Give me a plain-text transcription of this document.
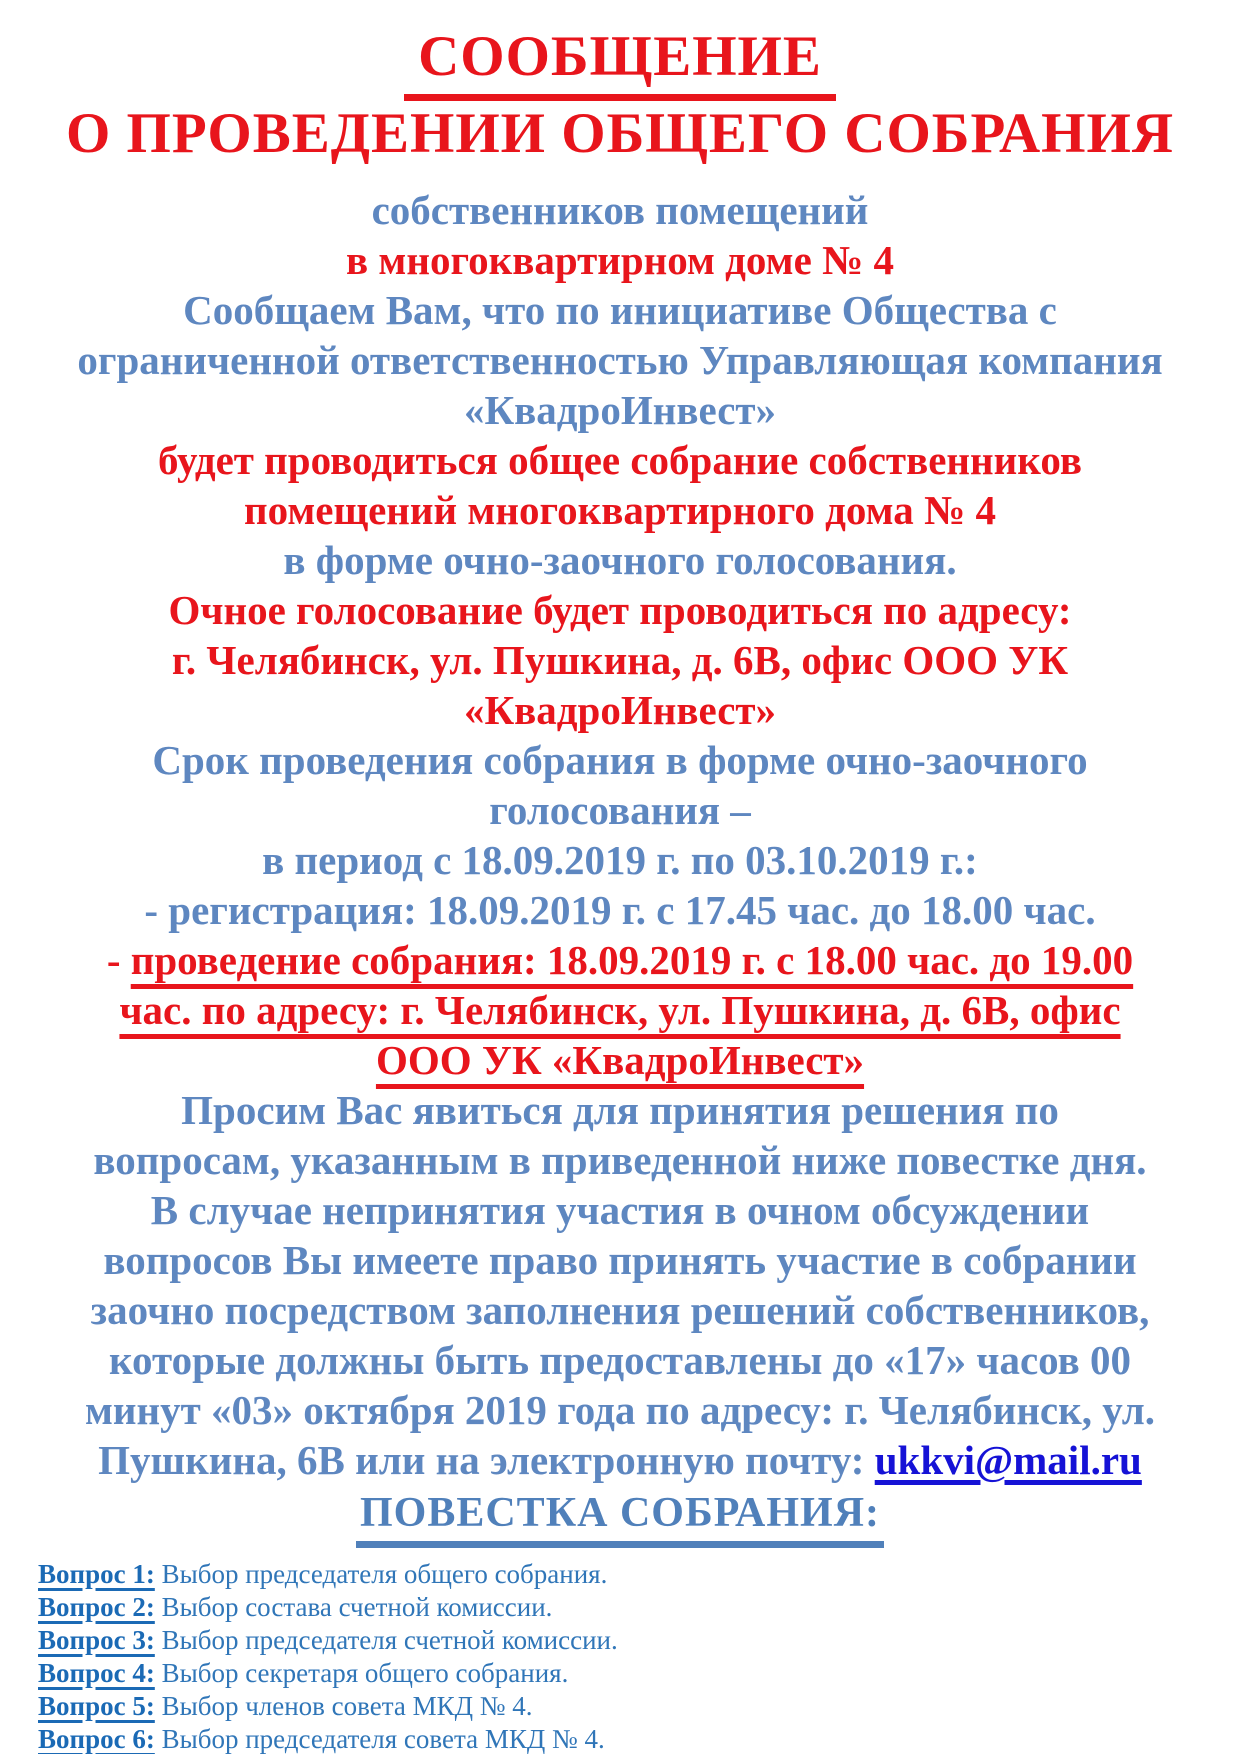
СООБЩЕНИЕ
О ПРОВЕДЕНИИ ОБЩЕГО СОБРАНИЯ
собственников помещений
в многоквартирном доме № 4
Сообщаем Вам, что по инициативе Общества с
ограниченной ответственностью Управляющая компания
«КвадроИнвест»
будет проводиться общее собрание собственников
помещений многоквартирного дома № 4
в форме очно-заочного голосования.
Очное голосование будет проводиться по адресу:
г. Челябинск, ул. Пушкина, д. 6В, офис ООО УК
«КвадроИнвест»
Срок проведения собрания в форме очно-заочного
голосования –
в период с 18.09.2019 г. по 03.10.2019 г.:
- регистрация: 18.09.2019 г. с 17.45 час. до 18.00 час.
- проведение собрания: 18.09.2019 г. с 18.00 час. до 19.00
час. по адресу: г. Челябинск, ул. Пушкина, д. 6В, офис
ООО УК «КвадроИнвест»
Просим Вас явиться для принятия решения по
вопросам, указанным в приведенной ниже повестке дня.
В случае непринятия участия в очном обсуждении
вопросов Вы имеете право принять участие в собрании
заочно посредством заполнения решений собственников,
которые должны быть предоставлены до «17» часов 00
минут «03» октября 2019 года по адресу: г. Челябинск, ул.
Пушкина, 6В или на электронную почту: ukkvi@mail.ru
ПОВЕСТКА СОБРАНИЯ:
Вопрос 1: Выбор председателя общего собрания.
Вопрос 2: Выбор состава счетной комиссии.
Вопрос 3: Выбор председателя счетной комиссии.
Вопрос 4: Выбор секретаря общего собрания.
Вопрос 5: Выбор членов совета МКД № 4.
Вопрос 6: Выбор председателя совета МКД № 4.
